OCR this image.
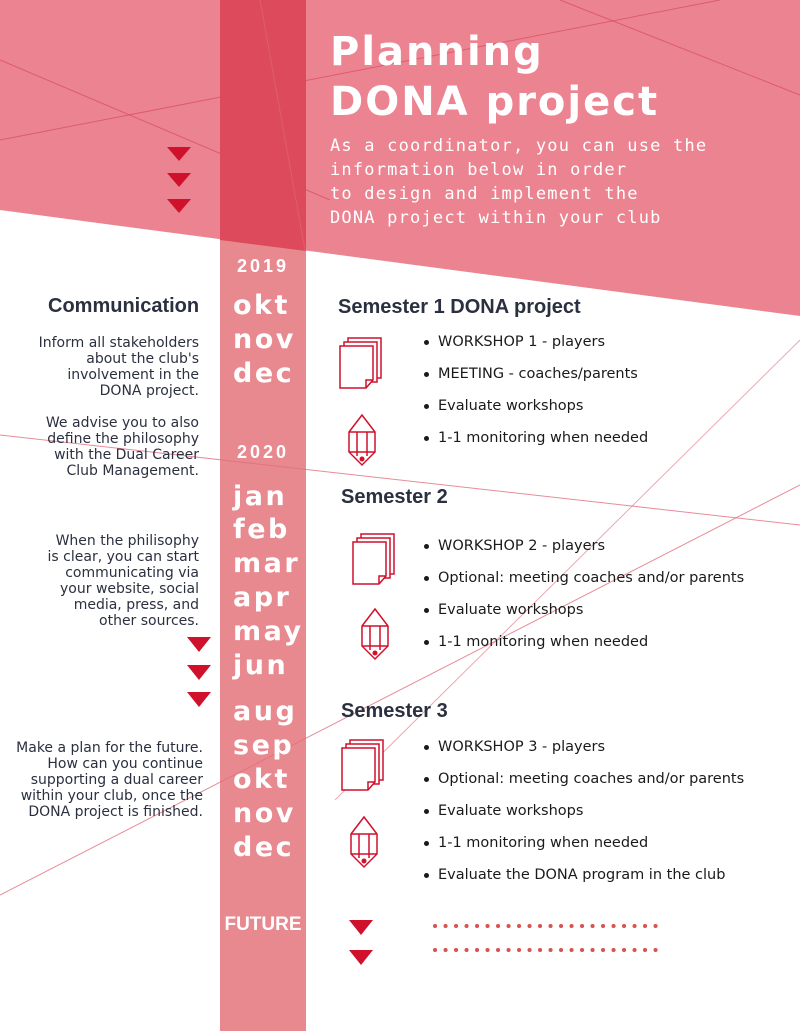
Planning
DONA project
As a coordinator, you can use the
information below in order
to design and implement the
DONA project within your club
2019
okt
nov
dec
2020
jan
feb
mar
apr
may
jun
aug
sep
okt
nov
dec
FUTURE
Communication
Inform all stakeholders
about the club's
involvement in the
DONA project.
We advise you to also
define the philosophy
with the Dual Career
Club Management.
When the philisophy
is clear, you can start
communicating via
your website, social
media, press, and
other sources.
Make a plan for the future.
How can you continue
supporting a dual career
within your club, once the
DONA project is finished.
Semester 1 DONA project
WORKSHOP 1 - players
MEETING - coaches/parents
Evaluate workshops
1-1 monitoring when needed
Semester 2
WORKSHOP 2 - players
Optional: meeting coaches and/or parents
Evaluate workshops
1-1 monitoring when needed
Semester 3
WORKSHOP 3 - players
Optional: meeting coaches and/or parents
Evaluate workshops
1-1 monitoring when needed
Evaluate the DONA program in the club
